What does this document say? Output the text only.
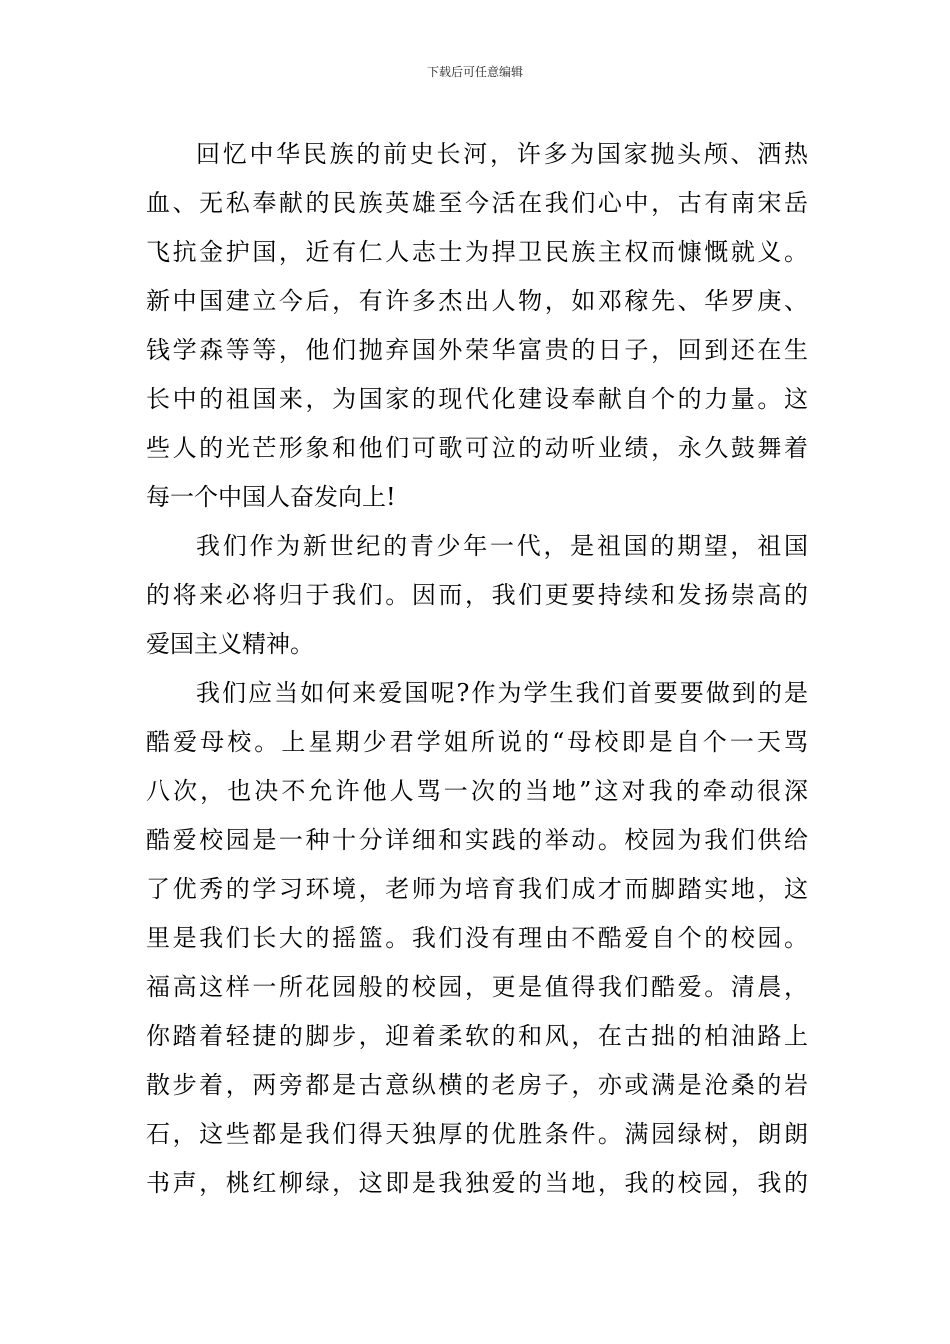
下载后可任意编辑
回忆中华民族的前史长河，许多为国家抛头颅、洒热
血、无私奉献的民族英雄至今活在我们心中，古有南宋岳
飞抗金护国，近有仁人志士为捍卫民族主权而慷慨就义。
新中国建立今后，有许多杰出人物，如邓稼先、华罗庚、
钱学森等等，他们抛弃国外荣华富贵的日子，回到还在生
长中的祖国来，为国家的现代化建设奉献自个的力量。这
些人的光芒形象和他们可歌可泣的动听业绩，永久鼓舞着
每一个中国人奋发向上!
我们作为新世纪的青少年一代，是祖国的期望，祖国
的将来必将归于我们。因而，我们更要持续和发扬崇高的
爱国主义精神。
我们应当如何来爱国呢?作为学生我们首要要做到的是
酷爱母校。上星期少君学姐所说的“母校即是自个一天骂
八次，也决不允许他人骂一次的当地”这对我的牵动很深
酷爱校园是一种十分详细和实践的举动。校园为我们供给
了优秀的学习环境，老师为培育我们成才而脚踏实地，这
里是我们长大的摇篮。我们没有理由不酷爱自个的校园。
福高这样一所花园般的校园，更是值得我们酷爱。清晨，
你踏着轻捷的脚步，迎着柔软的和风，在古拙的柏油路上
散步着，两旁都是古意纵横的老房子，亦或满是沧桑的岩
石，这些都是我们得天独厚的优胜条件。满园绿树，朗朗
书声，桃红柳绿，这即是我独爱的当地，我的校园，我的
